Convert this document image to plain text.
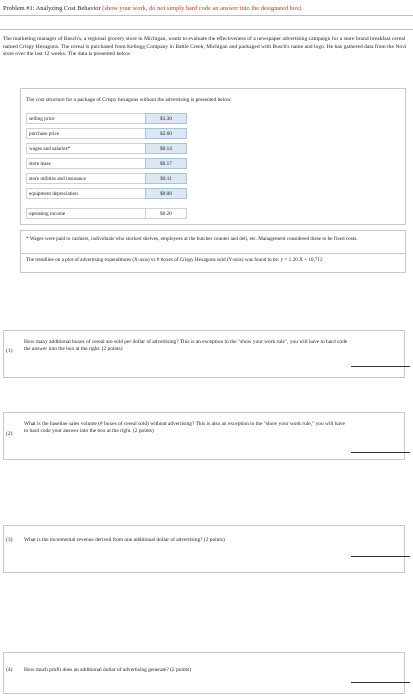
Problem #1: Analyzing Cost Behavior (show your work, do not simply hard code an answer into the designated box)
The marketing manager of Busch's, a regional grocery store in Michigan, wants to evaluate the effectiveness of a newspaper advertising campaign for a store brand breakfast cereal named Crispy Hexagons. The cereal is purchased from Kellogg Company in Battle Creek, Michigan and packaged with Busch's name and logo. He has gathered data from the Novi store over the last 12 weeks. The data is presented below.
The cost structure for a package of Crispy hexagons without the advertising is presented below.
selling price	$3.30
purchase price	$2.60
wages and salaries*	$0.14
store lease	$0.17
store utilities and insurance	$0.11
equipment depreciation	$0.08
operating income	$0.20
* Wages were paid to cashiers, individuals who stocked shelves, employees at the butcher counter and deli, etc. Management considered these to be fixed costs.
The trendline on a plot of advertising expenditures (X-axis) vs # boxes of Crispy Hexagons sold (Y-axis) was found to be: y = 1.20 X + 10,712
(1)
How many additional boxes of cereal are sold per dollar of advertising? This is an exception to the "show your work rule", you will have to hard code the answer into the box at the right. (2 points)
(2)
What is the baseline sales volume (# boxes of cereal sold) without advertising? This is also an exception to the "show your work rule," you will have to hard code your answer into the box at the right. (2 points)
(3) What is the incremental revenue derived from one additional dollar of advertising? (2 points)
(4) How much profit does an additional dollar of advertising generate? (2 points)
